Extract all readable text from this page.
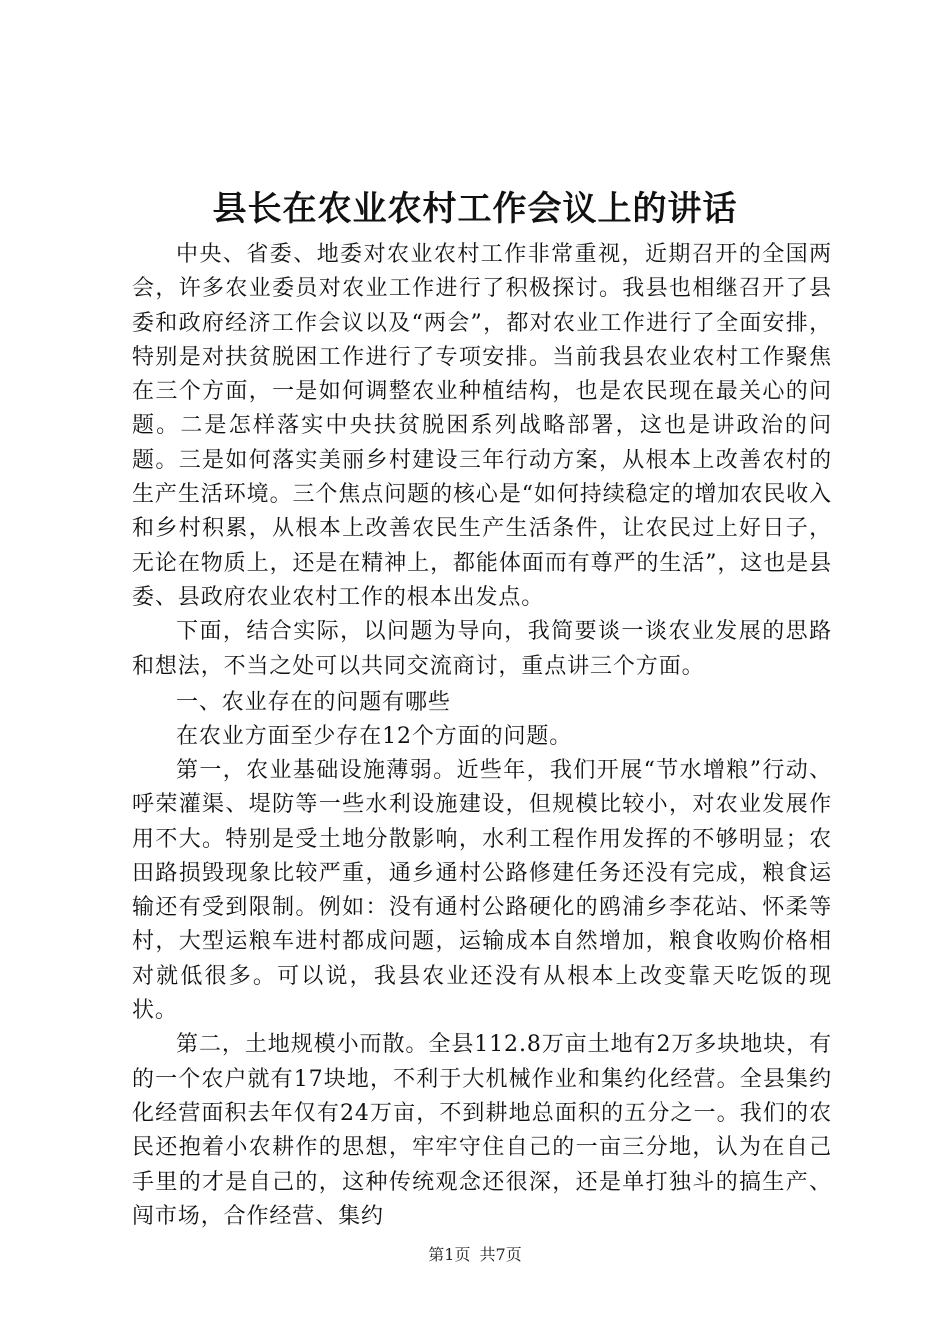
县长在农业农村工作会议上的讲话

中央、省委、地委对农业农村工作非常重视，近期召开的全国两会，许多农业委员对农业工作进行了积极探讨。我县也相继召开了县委和政府经济工作会议以及“两会”，都对农业工作进行了全面安排，特别是对扶贫脱困工作进行了专项安排。当前我县农业农村工作聚焦在三个方面，一是如何调整农业种植结构，也是农民现在最关心的问题。二是怎样落实中央扶贫脱困系列战略部署，这也是讲政治的问题。三是如何落实美丽乡村建设三年行动方案，从根本上改善农村的生产生活环境。三个焦点问题的核心是“如何持续稳定的增加农民收入和乡村积累，从根本上改善农民生产生活条件，让农民过上好日子，无论在物质上，还是在精神上，都能体面而有尊严的生活”，这也是县委、县政府农业农村工作的根本出发点。

下面，结合实际，以问题为导向，我简要谈一谈农业发展的思路和想法，不当之处可以共同交流商讨，重点讲三个方面。

一、农业存在的问题有哪些

在农业方面至少存在12个方面的问题。

第一，农业基础设施薄弱。近些年，我们开展“节水增粮”行动、呼荣灌渠、堤防等一些水利设施建设，但规模比较小，对农业发展作用不大。特别是受土地分散影响，水利工程作用发挥的不够明显；农田路损毁现象比较严重，通乡通村公路修建任务还没有完成，粮食运输还有受到限制。例如：没有通村公路硬化的鸥浦乡李花站、怀柔等村，大型运粮车进村都成问题，运输成本自然增加，粮食收购价格相对就低很多。可以说，我县农业还没有从根本上改变靠天吃饭的现状。

第二，土地规模小而散。全县112.8万亩土地有2万多块地块，有的一个农户就有17块地，不利于大机械作业和集约化经营。全县集约化经营面积去年仅有24万亩，不到耕地总面积的五分之一。我们的农民还抱着小农耕作的思想，牢牢守住自己的一亩三分地，认为在自己手里的才是自己的，这种传统观念还很深，还是单打独斗的搞生产、闯市场，合作经营、集约

第1页 共7页
